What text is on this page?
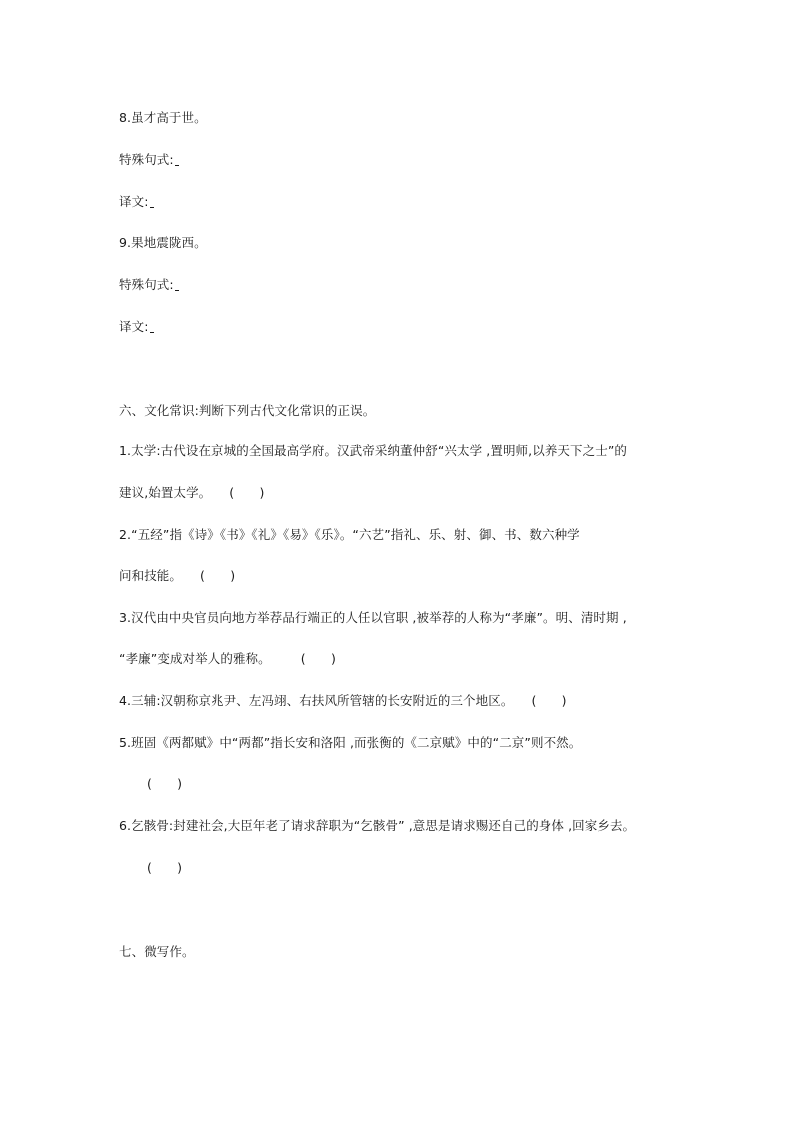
8.虽才高于世。
特殊句式:
译文:
9.果地震陇西。
特殊句式:
译文:
六、文化常识:判断下列古代文化常识的正误。
1.太学:古代设在京城的全国最高学府。汉武帝采纳董仲舒“兴太学 ,置明师,以养天下之士”的
建议,始置太学。 (　　)
2.“五经”指《诗》《书》《礼》《易》《乐》。“六艺”指礼、乐、射、御、书、数六种学
问和技能。 (　　)
3.汉代由中央官员向地方举荐品行端正的人任以官职 ,被举荐的人称为“孝廉”。明、清时期 ,
“孝廉”变成对举人的雅称。 (　　)
4.三辅:汉朝称京兆尹、左冯翊、右扶风所管辖的长安附近的三个地区。 (　　)
5.班固《两都赋》中“两都”指长安和洛阳 ,而张衡的《二京赋》中的“二京”则不然。
(　　)
6.乞骸骨:封建社会,大臣年老了请求辞职为“乞骸骨” ,意思是请求赐还自己的身体 ,回家乡去。
(　　)
七、微写作。
